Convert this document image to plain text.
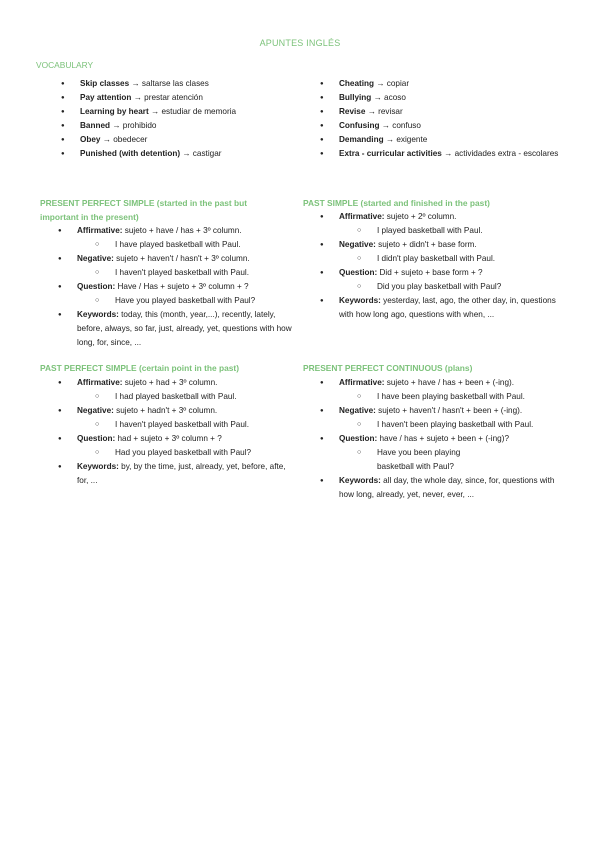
APUNTES INGLÉS
VOCABULARY
● Skip classes → saltarse las clases
● Pay attention → prestar atención
● Learning by heart → estudiar de memoria
● Banned → prohibido
● Obey → obedecer
● Punished (with detention) → castigar
● Cheating → copiar
● Bullying → acoso
● Revise → revisar
● Confusing → confuso
● Demanding → exigente
● Extra - curricular activities → actividades extra - escolares
PRESENT PERFECT SIMPLE (started in the past but important in the present)
● Affirmative: sujeto + have / has + 3º column.
○ I have played basketball with Paul.
● Negative: sujeto + haven't / hasn't + 3º column.
○ I haven't played basketball with Paul.
● Question: Have / Has + sujeto + 3º column + ?
○ Have you played basketball with Paul?
● Keywords: today, this (month, year,...), recently, lately, before, always, so far, just, already, yet, questions with how long, for, since, ...
PAST SIMPLE (started and finished in the past)
● Affirmative: sujeto + 2º column.
○ I played basketball with Paul.
● Negative: sujeto + didn't + base form.
○ I didn't play basketball with Paul.
● Question: Did + sujeto + base form + ?
○ Did you play basketball with Paul?
● Keywords: yesterday, last, ago, the other day, in, questions with how long ago, questions with when, ...
PAST PERFECT SIMPLE (certain point in the past)
● Affirmative: sujeto + had + 3º column.
○ I had played basketball with Paul.
● Negative: sujeto + hadn't + 3º column.
○ I haven't played basketball with Paul.
● Question: had + sujeto + 3º column + ?
○ Had you played basketball with Paul?
● Keywords: by, by the time, just, already, yet, before, afte, for, ...
PRESENT PERFECT CONTINUOUS (plans)
● Affirmative: sujeto + have / has + been + (-ing).
○ I have been playing basketball with Paul.
● Negative: sujeto + haven't / hasn't + been + (-ing).
○ I haven't been playing basketball with Paul.
● Question: have / has + sujeto + been + (-ing)?
○ Have you been playing basketball with Paul?
● Keywords: all day, the whole day, since, for, questions with how long, already, yet, never, ever, ...
